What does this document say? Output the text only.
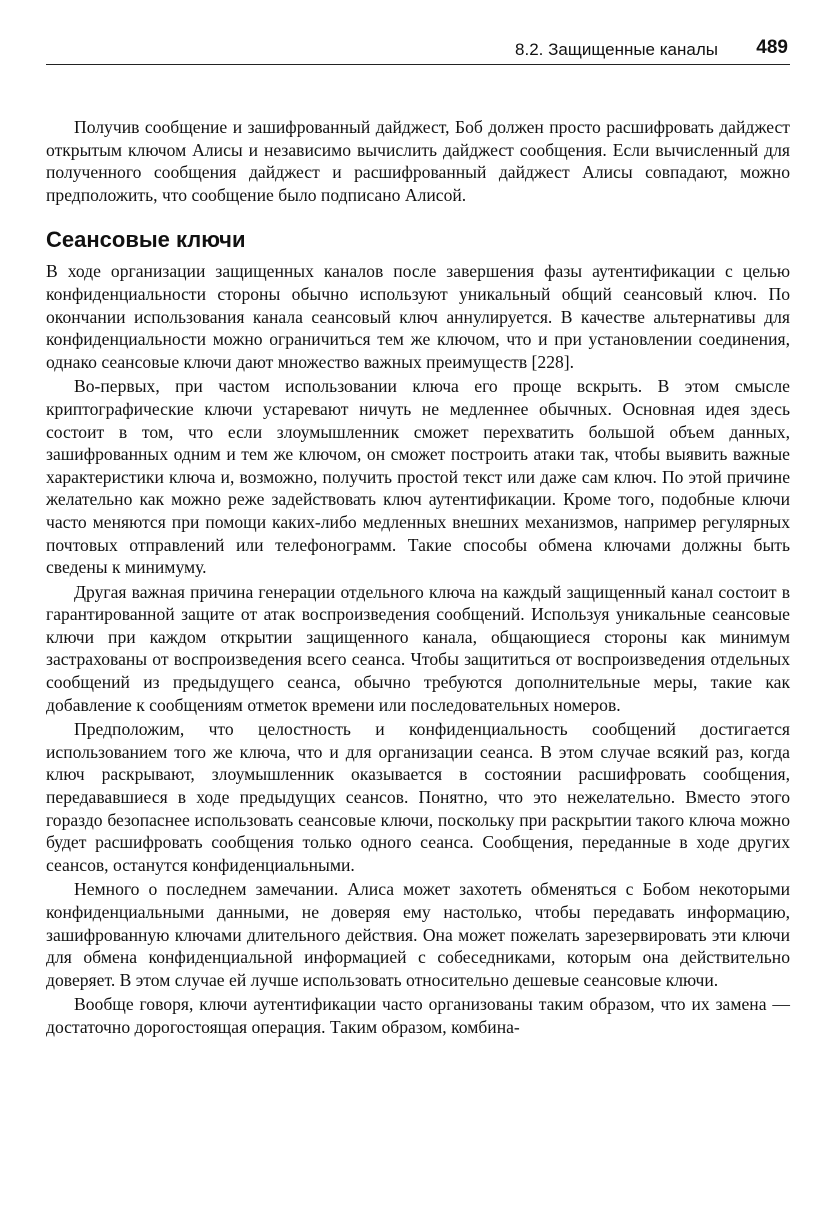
8.2. Защищенные каналы 489

Получив сообщение и зашифрованный дайджест, Боб должен просто расшифровать дайджест открытым ключом Алисы и независимо вычислить дайджест сообщения. Если вычисленный для полученного сообщения дайджест и расшифрованный дайджест Алисы совпадают, можно предположить, что сообщение было подписано Алисой.

Сеансовые ключи

В ходе организации защищенных каналов после завершения фазы аутентификации с целью конфиденциальности стороны обычно используют уникальный общий сеансовый ключ. По окончании использования канала сеансовый ключ аннулируется. В качестве альтернативы для конфиденциальности можно ограничиться тем же ключом, что и при установлении соединения, однако сеансовые ключи дают множество важных преимуществ [228].

Во-первых, при частом использовании ключа его проще вскрыть. В этом смысле криптографические ключи устаревают ничуть не медленнее обычных. Основная идея здесь состоит в том, что если злоумышленник сможет перехватить большой объем данных, зашифрованных одним и тем же ключом, он сможет построить атаки так, чтобы выявить важные характеристики ключа и, возможно, получить простой текст или даже сам ключ. По этой причине желательно как можно реже задействовать ключ аутентификации. Кроме того, подобные ключи часто меняются при помощи каких-либо медленных внешних механизмов, например регулярных почтовых отправлений или телефонограмм. Такие способы обмена ключами должны быть сведены к минимуму.

Другая важная причина генерации отдельного ключа на каждый защищенный канал состоит в гарантированной защите от атак воспроизведения сообщений. Используя уникальные сеансовые ключи при каждом открытии защищенного канала, общающиеся стороны как минимум застрахованы от воспроизведения всего сеанса. Чтобы защититься от воспроизведения отдельных сообщений из предыдущего сеанса, обычно требуются дополнительные меры, такие как добавление к сообщениям отметок времени или последовательных номеров.

Предположим, что целостность и конфиденциальность сообщений достигается использованием того же ключа, что и для организации сеанса. В этом случае всякий раз, когда ключ раскрывают, злоумышленник оказывается в состоянии расшифровать сообщения, передававшиеся в ходе предыдущих сеансов. Понятно, что это нежелательно. Вместо этого гораздо безопаснее использовать сеансовые ключи, поскольку при раскрытии такого ключа можно будет расшифровать сообщения только одного сеанса. Сообщения, переданные в ходе других сеансов, останутся конфиденциальными.

Немного о последнем замечании. Алиса может захотеть обменяться с Бобом некоторыми конфиденциальными данными, не доверяя ему настолько, чтобы передавать информацию, зашифрованную ключами длительного действия. Она может пожелать зарезервировать эти ключи для обмена конфиденциальной информацией с собеседниками, которым она действительно доверяет. В этом случае ей лучше использовать относительно дешевые сеансовые ключи.

Вообще говоря, ключи аутентификации часто организованы таким образом, что их замена — достаточно дорогостоящая операция. Таким образом, комбина-
